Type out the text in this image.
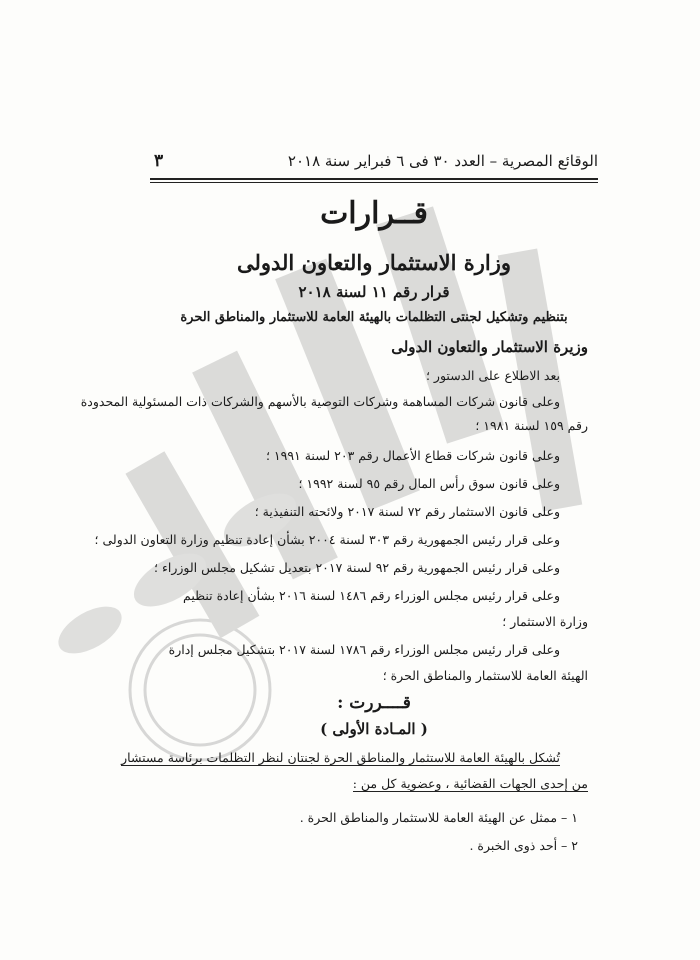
الوقائع المصرية – العدد ٣٠ فى ٦ فبراير سنة ٢٠١٨
٣
قــرارات
وزارة الاستثمار والتعاون الدولى
قرار رقم ١١ لسنة ٢٠١٨
بتنظيم وتشكيل لجنتى التظلمات بالهيئة العامة للاستثمار والمناطق الحرة
وزيرة الاستثمار والتعاون الدولى
بعد الاطلاع على الدستور ؛
وعلى قانون شركات المساهمة وشركات التوصية بالأسهم والشركات ذات المسئولية المحدودة
رقم ١٥٩ لسنة ١٩٨١ ؛
وعلى قانون شركات قطاع الأعمال رقم ٢٠٣ لسنة ١٩٩١ ؛
وعلى قانون سوق رأس المال رقم ٩٥ لسنة ١٩٩٢ ؛
وعلى قانون الاستثمار رقم ٧٢ لسنة ٢٠١٧ ولائحته التنفيذية ؛
وعلى قرار رئيس الجمهورية رقم ٣٠٣ لسنة ٢٠٠٤ بشأن إعادة تنظيم وزارة التعاون الدولى ؛
وعلى قرار رئيس الجمهورية رقم ٩٢ لسنة ٢٠١٧ بتعديل تشكيل مجلس الوزراء ؛
وعلى قرار رئيس مجلس الوزراء رقم ١٤٨٦ لسنة ٢٠١٦ بشأن إعادة تنظيم
وزارة الاستثمار ؛
وعلى قرار رئيس مجلس الوزراء رقم ١٧٨٦ لسنة ٢٠١٧ بتشكيل مجلس إدارة
الهيئة العامة للاستثمار والمناطق الحرة ؛
قــــررت :
( المـادة الأولى )
تُشكل بالهيئة العامة للاستثمار والمناطق الحرة لجنتان لنظر التظلمات برئاسة مستشار
من إحدى الجهات القضائية ، وعضوية كل من :
١ – ممثل عن الهيئة العامة للاستثمار والمناطق الحرة .
٢ – أحد ذوى الخبرة .
